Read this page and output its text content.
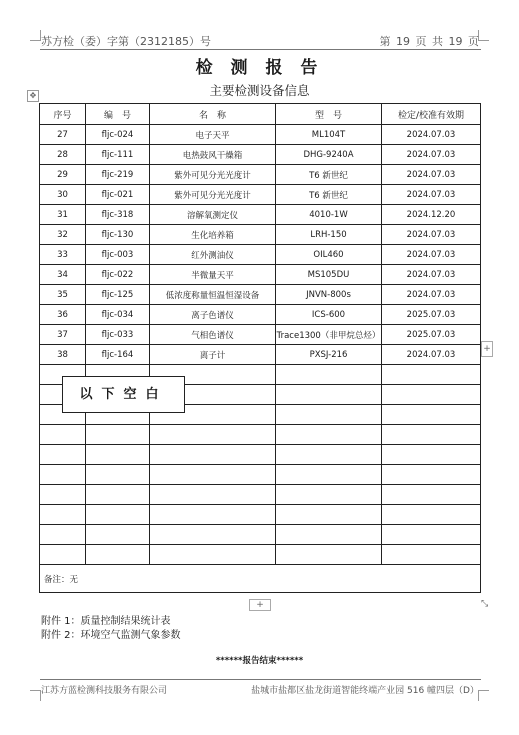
苏方检（委）字第（2312185）号	第 19 页 共 19 页
检 测 报 告
主要检测设备信息
✥
序号	编　号	名　称	型　号	检定/校准有效期
27	fljc-024	电子天平	ML104T	2024.07.03
28	fljc-111	电热鼓风干燥箱	DHG-9240A	2024.07.03
29	fljc-219	紫外可见分光光度计	T6 新世纪	2024.07.03
30	fljc-021	紫外可见分光光度计	T6 新世纪	2024.07.03
31	fljc-318	溶解氧测定仪	4010-1W	2024.12.20
32	fljc-130	生化培养箱	LRH-150	2024.07.03
33	fljc-003	红外测油仪	OIL460	2024.07.03
34	fljc-022	半微量天平	MS105DU	2024.07.03
35	fljc-125	低浓度称量恒温恒湿设备	JNVN-800s	2024.07.03
36	fljc-034	离子色谱仪	ICS-600	2025.07.03
37	fljc-033	气相色谱仪	Trace1300（非甲烷总烃）	2025.07.03
38	fljc-164	离子计	PXSJ-216	2024.07.03

备注：无				
以下空白
+
+	⤡
附件 1：质量控制结果统计表
附件 2：环境空气监测气象参数
******报告结束******
江苏方蓝检测科技服务有限公司	盐城市盐都区盐龙街道智能终端产业园 516 幢四层（D）
